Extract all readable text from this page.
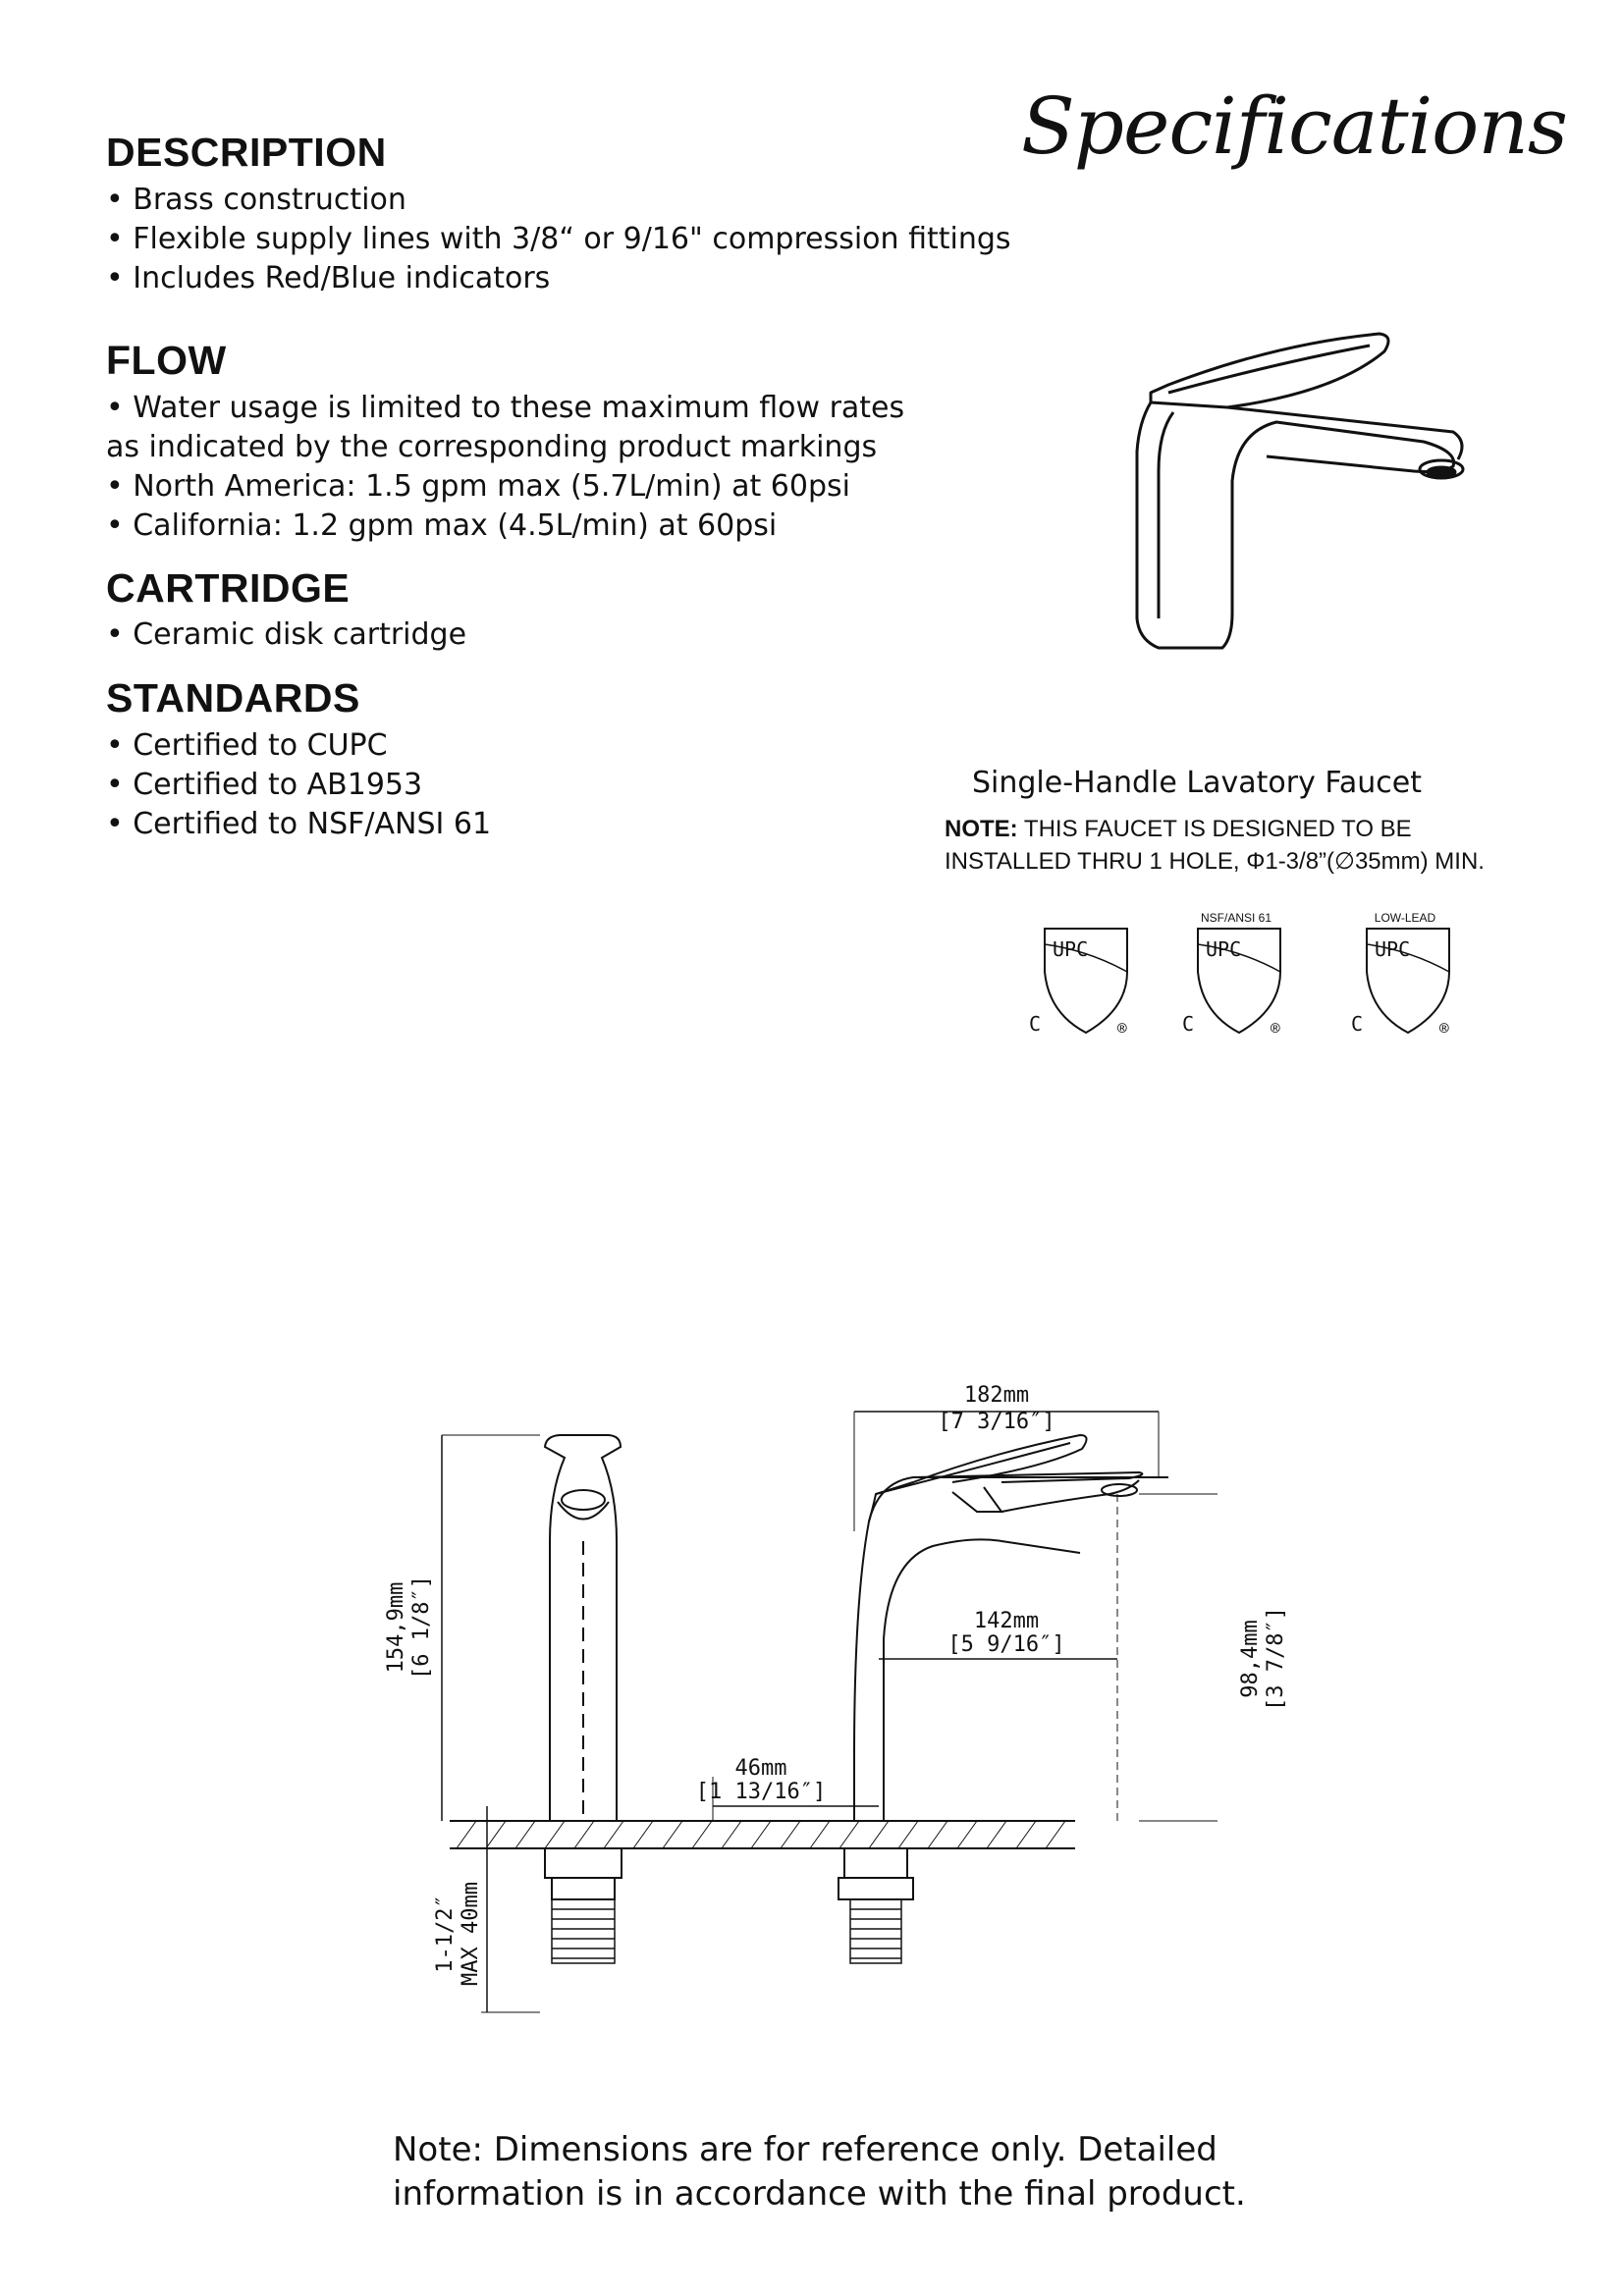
Specifications
DESCRIPTION
• Brass construction
• Flexible supply lines with 3/8“ or 9/16" compression fittings
• Includes Red/Blue indicators
FLOW
• Water usage is limited to these maximum flow rates
as indicated by the corresponding product markings
• North America: 1.5 gpm max (5.7L/min) at 60psi
• California: 1.2 gpm max (4.5L/min) at 60psi
CARTRIDGE
• Ceramic disk cartridge
STANDARDS
• Certified to CUPC
• Certified to AB1953
• Certified to NSF/ANSI 61
Single-Handle Lavatory Faucet
NOTE: THIS FAUCET IS DESIGNED TO BE
INSTALLED THRU 1 HOLE, Φ1-3/8”(∅35mm) MIN.
UPC
C	®
NSF/ANSI 61
UPC
C	®
LOW-LEAD
UPC
C	®
182mm
[7 3/16″]
142mm
[5 9/16″]
46mm
[1 13/16″]
154,9mm [6 1/8″]	98,4mm [3 7/8″]
1-1/2″ MAX 40mm
Note: Dimensions are for reference only. Detailed
information is in accordance with the final product.
